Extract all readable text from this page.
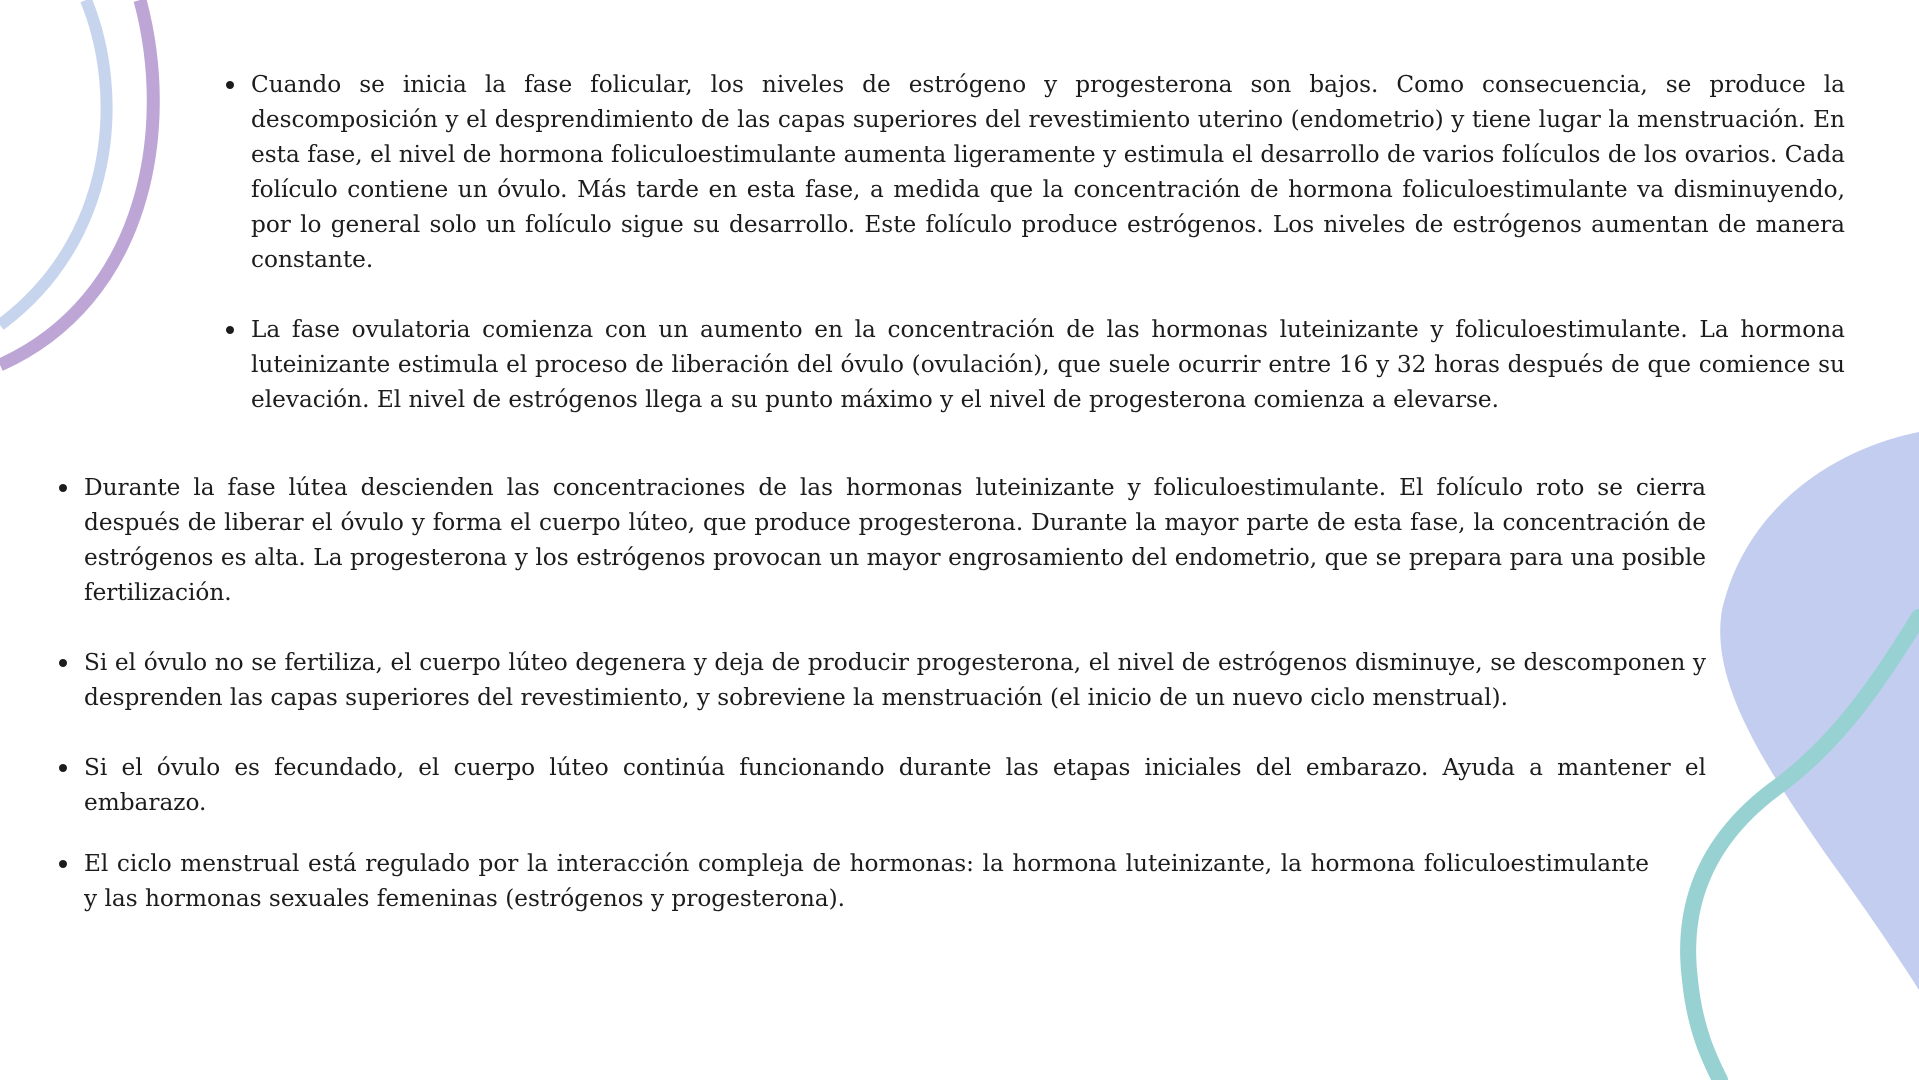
Cuando se inicia la fase folicular, los niveles de estrógeno y progesterona son bajos. Como consecuencia, se produce la descomposición y el desprendimiento de las capas superiores del revestimiento uterino (endometrio) y tiene lugar la menstruación. En esta fase, el nivel de hormona foliculoestimulante aumenta ligeramente y estimula el desarrollo de varios folículos de los ovarios. Cada folículo contiene un óvulo. Más tarde en esta fase, a medida que la concentración de hormona foliculoestimulante va disminuyendo, por lo general solo un folículo sigue su desarrollo. Este folículo produce estrógenos. Los niveles de estrógenos aumentan de manera constante.
La fase ovulatoria comienza con un aumento en la concentración de las hormonas luteinizante y foliculoestimulante. La hormona luteinizante estimula el proceso de liberación del óvulo (ovulación), que suele ocurrir entre 16 y 32 horas después de que comience su elevación. El nivel de estrógenos llega a su punto máximo y el nivel de progesterona comienza a elevarse.
Durante la fase lútea descienden las concentraciones de las hormonas luteinizante y foliculoestimulante. El folículo roto se cierra después de liberar el óvulo y forma el cuerpo lúteo, que produce progesterona. Durante la mayor parte de esta fase, la concentración de estrógenos es alta. La progesterona y los estrógenos provocan un mayor engrosamiento del endometrio, que se prepara para una posible fertilización.
Si el óvulo no se fertiliza, el cuerpo lúteo degenera y deja de producir progesterona, el nivel de estrógenos disminuye, se descomponen y desprenden las capas superiores del revestimiento, y sobreviene la menstruación (el inicio de un nuevo ciclo menstrual).
Si el óvulo es fecundado, el cuerpo lúteo continúa funcionando durante las etapas iniciales del embarazo. Ayuda a mantener el embarazo.
El ciclo menstrual está regulado por la interacción compleja de hormonas: la hormona luteinizante, la hormona foliculoestimulante y las hormonas sexuales femeninas (estrógenos y progesterona).
